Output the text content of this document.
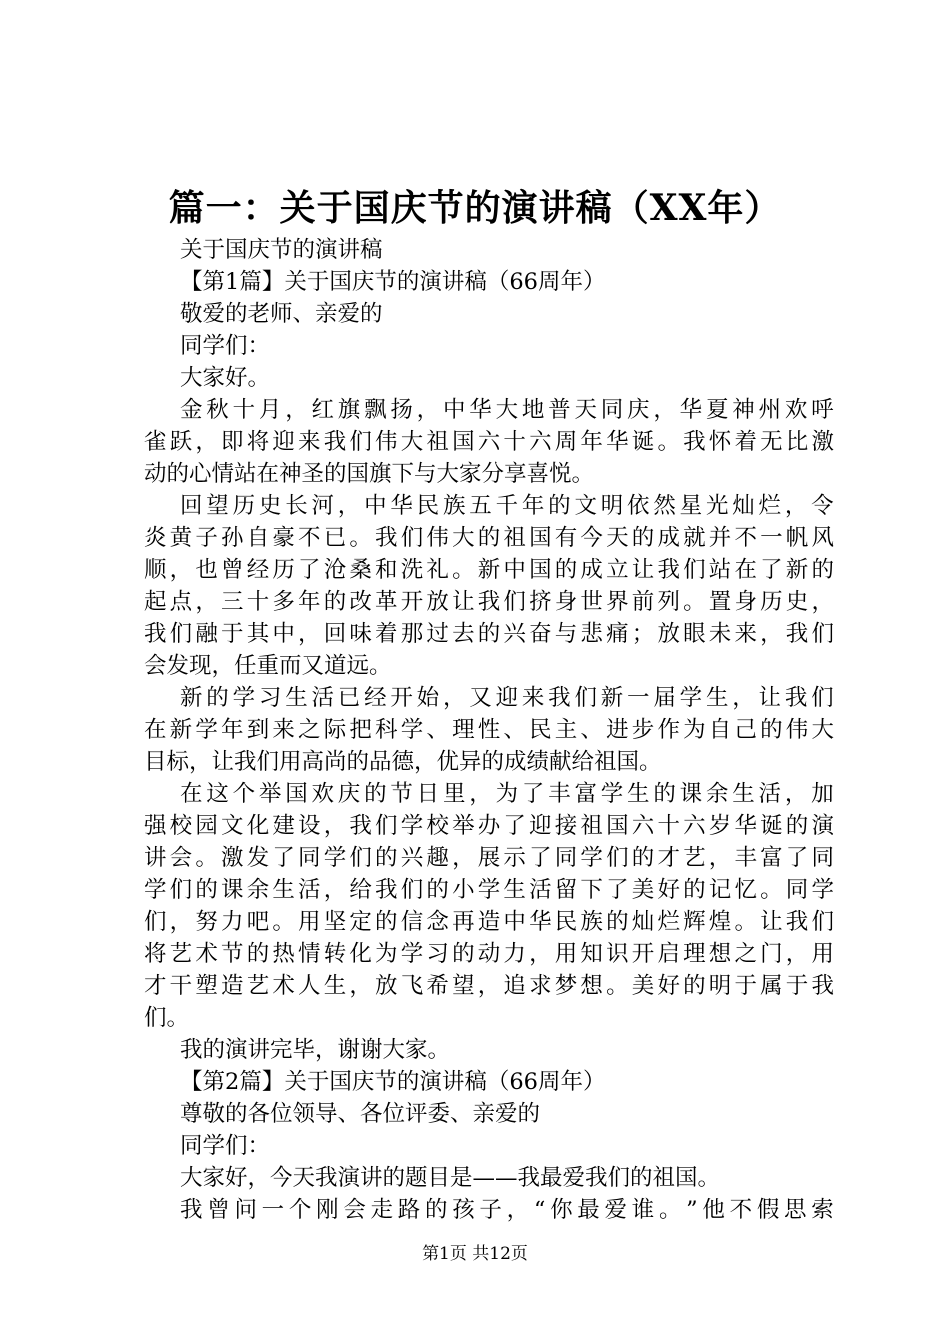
篇一：关于国庆节的演讲稿（XX年）
关于国庆节的演讲稿
【第1篇】关于国庆节的演讲稿（66周年）
敬爱的老师、亲爱的
同学们：
大家好。
金 秋 十 月 ， 红 旗 飘 扬 ， 中 华 大 地 普 天 同 庆 ， 华 夏 神 州 欢 呼
雀 跃 ， 即 将 迎 来 我 们 伟 大 祖 国 六 十 六 周 年 华 诞 。 我 怀 着 无 比 激
动的心情站在神圣的国旗下与大家分享喜悦。
回 望 历 史 长 河 ， 中 华 民 族 五 千 年 的 文 明 依 然 星 光 灿 烂 ， 令
炎 黄 子 孙 自 豪 不 已 。 我 们 伟 大 的 祖 国 有 今 天 的 成 就 并 不 一 帆 风
顺 ， 也 曾 经 历 了 沧 桑 和 洗 礼 。 新 中 国 的 成 立 让 我 们 站 在 了 新 的
起 点 ， 三 十 多 年 的 改 革 开 放 让 我 们 挤 身 世 界 前 列 。 置 身 历 史 ，
我 们 融 于 其 中 ， 回 味 着 那 过 去 的 兴 奋 与 悲 痛 ； 放 眼 未 来 ， 我 们
会发现，任重而又道远。
新 的 学 习 生 活 已 经 开 始 ， 又 迎 来 我 们 新 一 届 学 生 ， 让 我 们
在 新 学 年 到 来 之 际 把 科 学 、 理 性 、 民 主 、 进 步 作 为 自 己 的 伟 大
目标，让我们用高尚的品德，优异的成绩献给祖国。
在 这 个 举 国 欢 庆 的 节 日 里 ， 为 了 丰 富 学 生 的 课 余 生 活 ， 加
强 校 园 文 化 建 设 ， 我 们 学 校 举 办 了 迎 接 祖 国 六 十 六 岁 华 诞 的 演
讲 会 。 激 发 了 同 学 们 的 兴 趣 ， 展 示 了 同 学 们 的 才 艺 ， 丰 富 了 同
学 们 的 课 余 生 活 ， 给 我 们 的 小 学 生 活 留 下 了 美 好 的 记 忆 。 同 学
们 ， 努 力 吧 。 用 坚 定 的 信 念 再 造 中 华 民 族 的 灿 烂 辉 煌 。 让 我 们
将 艺 术 节 的 热 情 转 化 为 学 习 的 动 力 ， 用 知 识 开 启 理 想 之 门 ， 用
才 干 塑 造 艺 术 人 生 ， 放 飞 希 望 ， 追 求 梦 想 。 美 好 的 明 于 属 于 我
们。
我的演讲完毕，谢谢大家。
【第2篇】关于国庆节的演讲稿（66周年）
尊敬的各位领导、各位评委、亲爱的
同学们：
大家好，今天我演讲的题目是——我最爱我们的祖国。
我 曾 问 一 个 刚 会 走 路 的 孩 子 ， “ 你 最 爱 谁 。 ” 他 不 假 思 索
第1页 共12页
